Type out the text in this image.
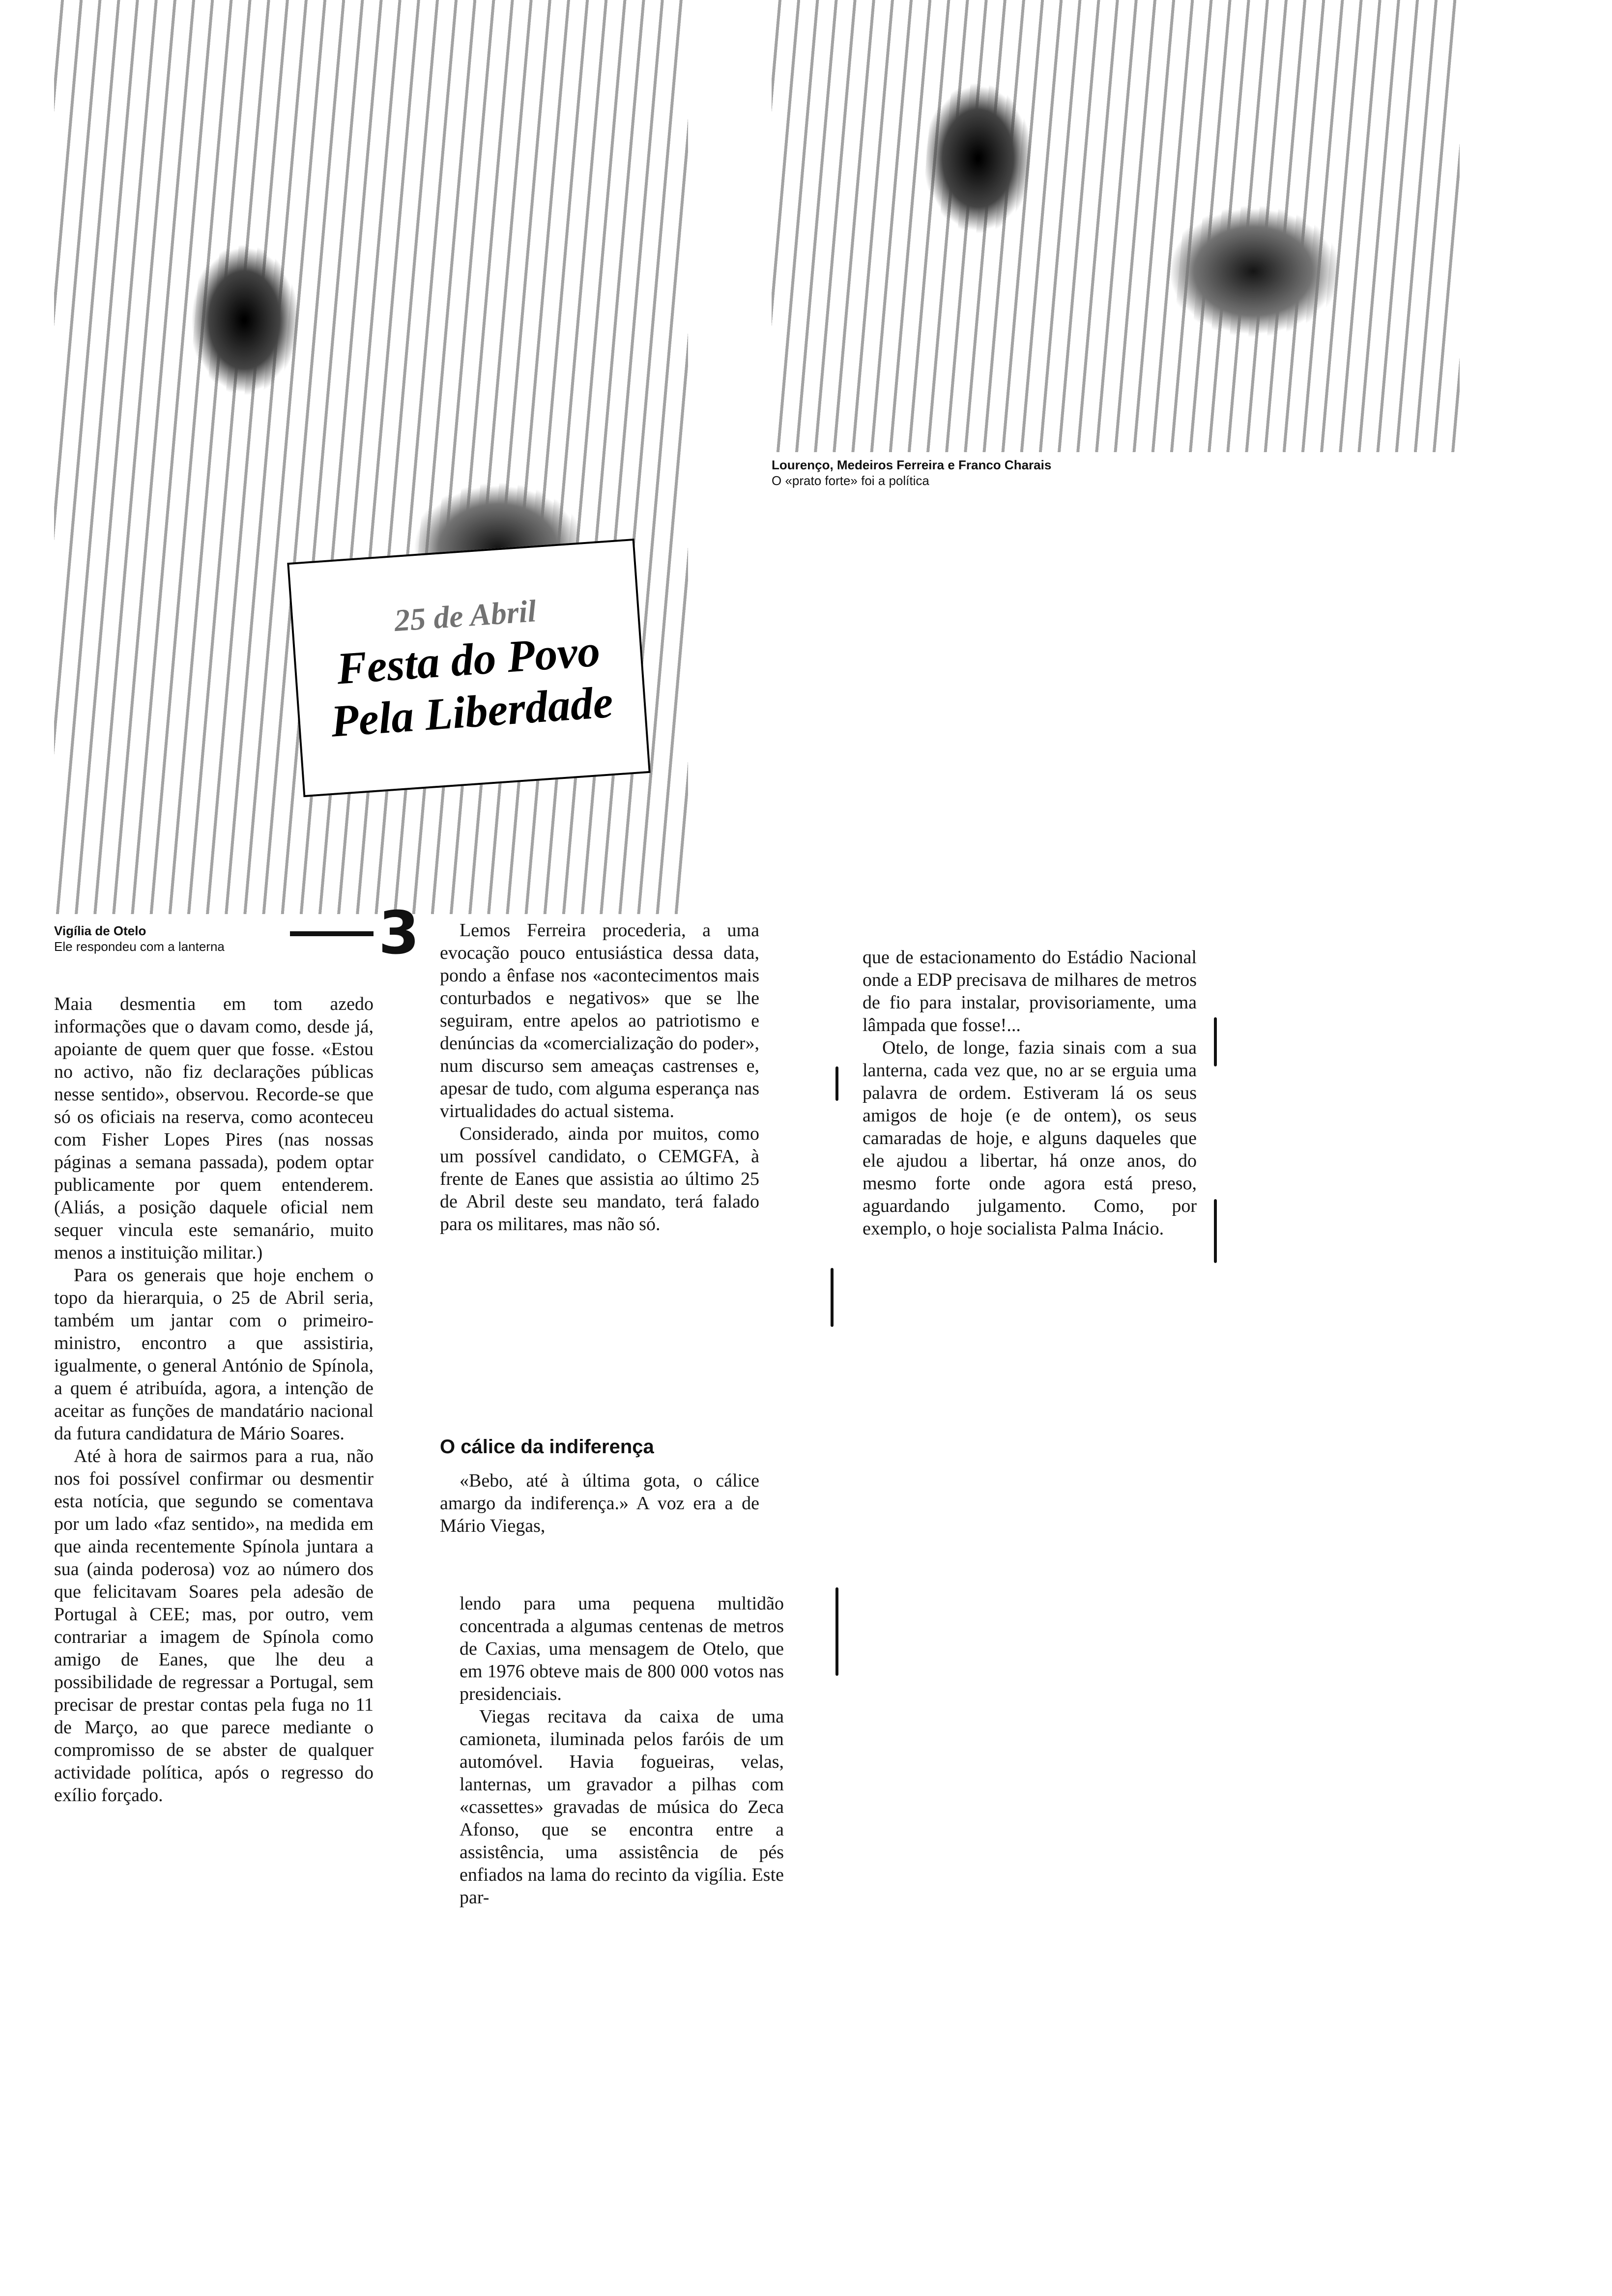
25 de Abril
Festa do Povo
Pela Liberdade
Lourenço, Medeiros Ferreira e Franco Charais
O «prato forte» foi a política
Vigília de Otelo
Ele respondeu com a lanterna	3

Maia desmentia em tom azedo informações que o davam como, desde já, apoiante de quem quer que fosse. «Estou no activo, não fiz declarações públicas nesse sentido», observou. Recorde-se que só os oficiais na reserva, como aconteceu com Fisher Lopes Pires (nas nossas páginas a semana passada), podem optar publicamente por quem entenderem. (Aliás, a posição daquele oficial nem sequer vincula este semanário, muito menos a instituição militar.)

Para os generais que hoje enchem o topo da hierarquia, o 25 de Abril seria, também um jantar com o primeiro-ministro, encontro a que assistiria, igualmente, o general António de Spínola, a quem é atribuída, agora, a intenção de aceitar as funções de mandatário nacional da futura candidatura de Mário Soares.

Até à hora de sairmos para a rua, não nos foi possível confirmar ou desmentir esta notícia, que segundo se comentava por um lado «faz sentido», na medida em que ainda recentemente Spínola juntara a sua (ainda poderosa) voz ao número dos que felicitavam Soares pela adesão de Portugal à CEE; mas, por outro, vem contrariar a imagem de Spínola como amigo de Eanes, que lhe deu a possibilidade de regressar a Portugal, sem precisar de prestar contas pela fuga no 11 de Março, ao que parece mediante o compromisso de se abster de qualquer actividade política, após o regresso do exílio forçado.

Lemos Ferreira procederia, a uma evocação pouco entusiástica dessa data, pondo a ênfase nos «acontecimentos mais conturbados e negativos» que se lhe seguiram, entre apelos ao patriotismo e denúncias da «comercialização do poder», num discurso sem ameaças castrenses e, apesar de tudo, com alguma esperança nas virtualidades do actual sistema.

Considerado, ainda por muitos, como um possível candidato, o CEMGFA, à frente de Eanes que assistia ao último 25 de Abril deste seu mandato, terá falado para os militares, mas não só.

O cálice da indiferença

«Bebo, até à última gota, o cálice amargo da indiferença.» A voz era a de Mário Viegas,

lendo para uma pequena multidão concentrada a algumas centenas de metros de Caxias, uma mensagem de Otelo, que em 1976 obteve mais de 800 000 votos nas presidenciais.

Viegas recitava da caixa de uma camioneta, iluminada pelos faróis de um automóvel. Havia fogueiras, velas, lanternas, um gravador a pilhas com «cassettes» gravadas de música do Zeca Afonso, que se encontra entre a assistência, uma assistência de pés enfiados na lama do recinto da vigília. Este par-

que de estacionamento do Estádio Nacional onde a EDP precisava de milhares de metros de fio para instalar, provisoriamente, uma lâmpada que fosse!...

Otelo, de longe, fazia sinais com a sua lanterna, cada vez que, no ar se erguia uma palavra de ordem. Estiveram lá os seus amigos de hoje (e de ontem), os seus camaradas de hoje, e alguns daqueles que ele ajudou a libertar, há onze anos, do mesmo forte onde agora está preso, aguardando julgamento. Como, por exemplo, o hoje socialista Palma Inácio.
